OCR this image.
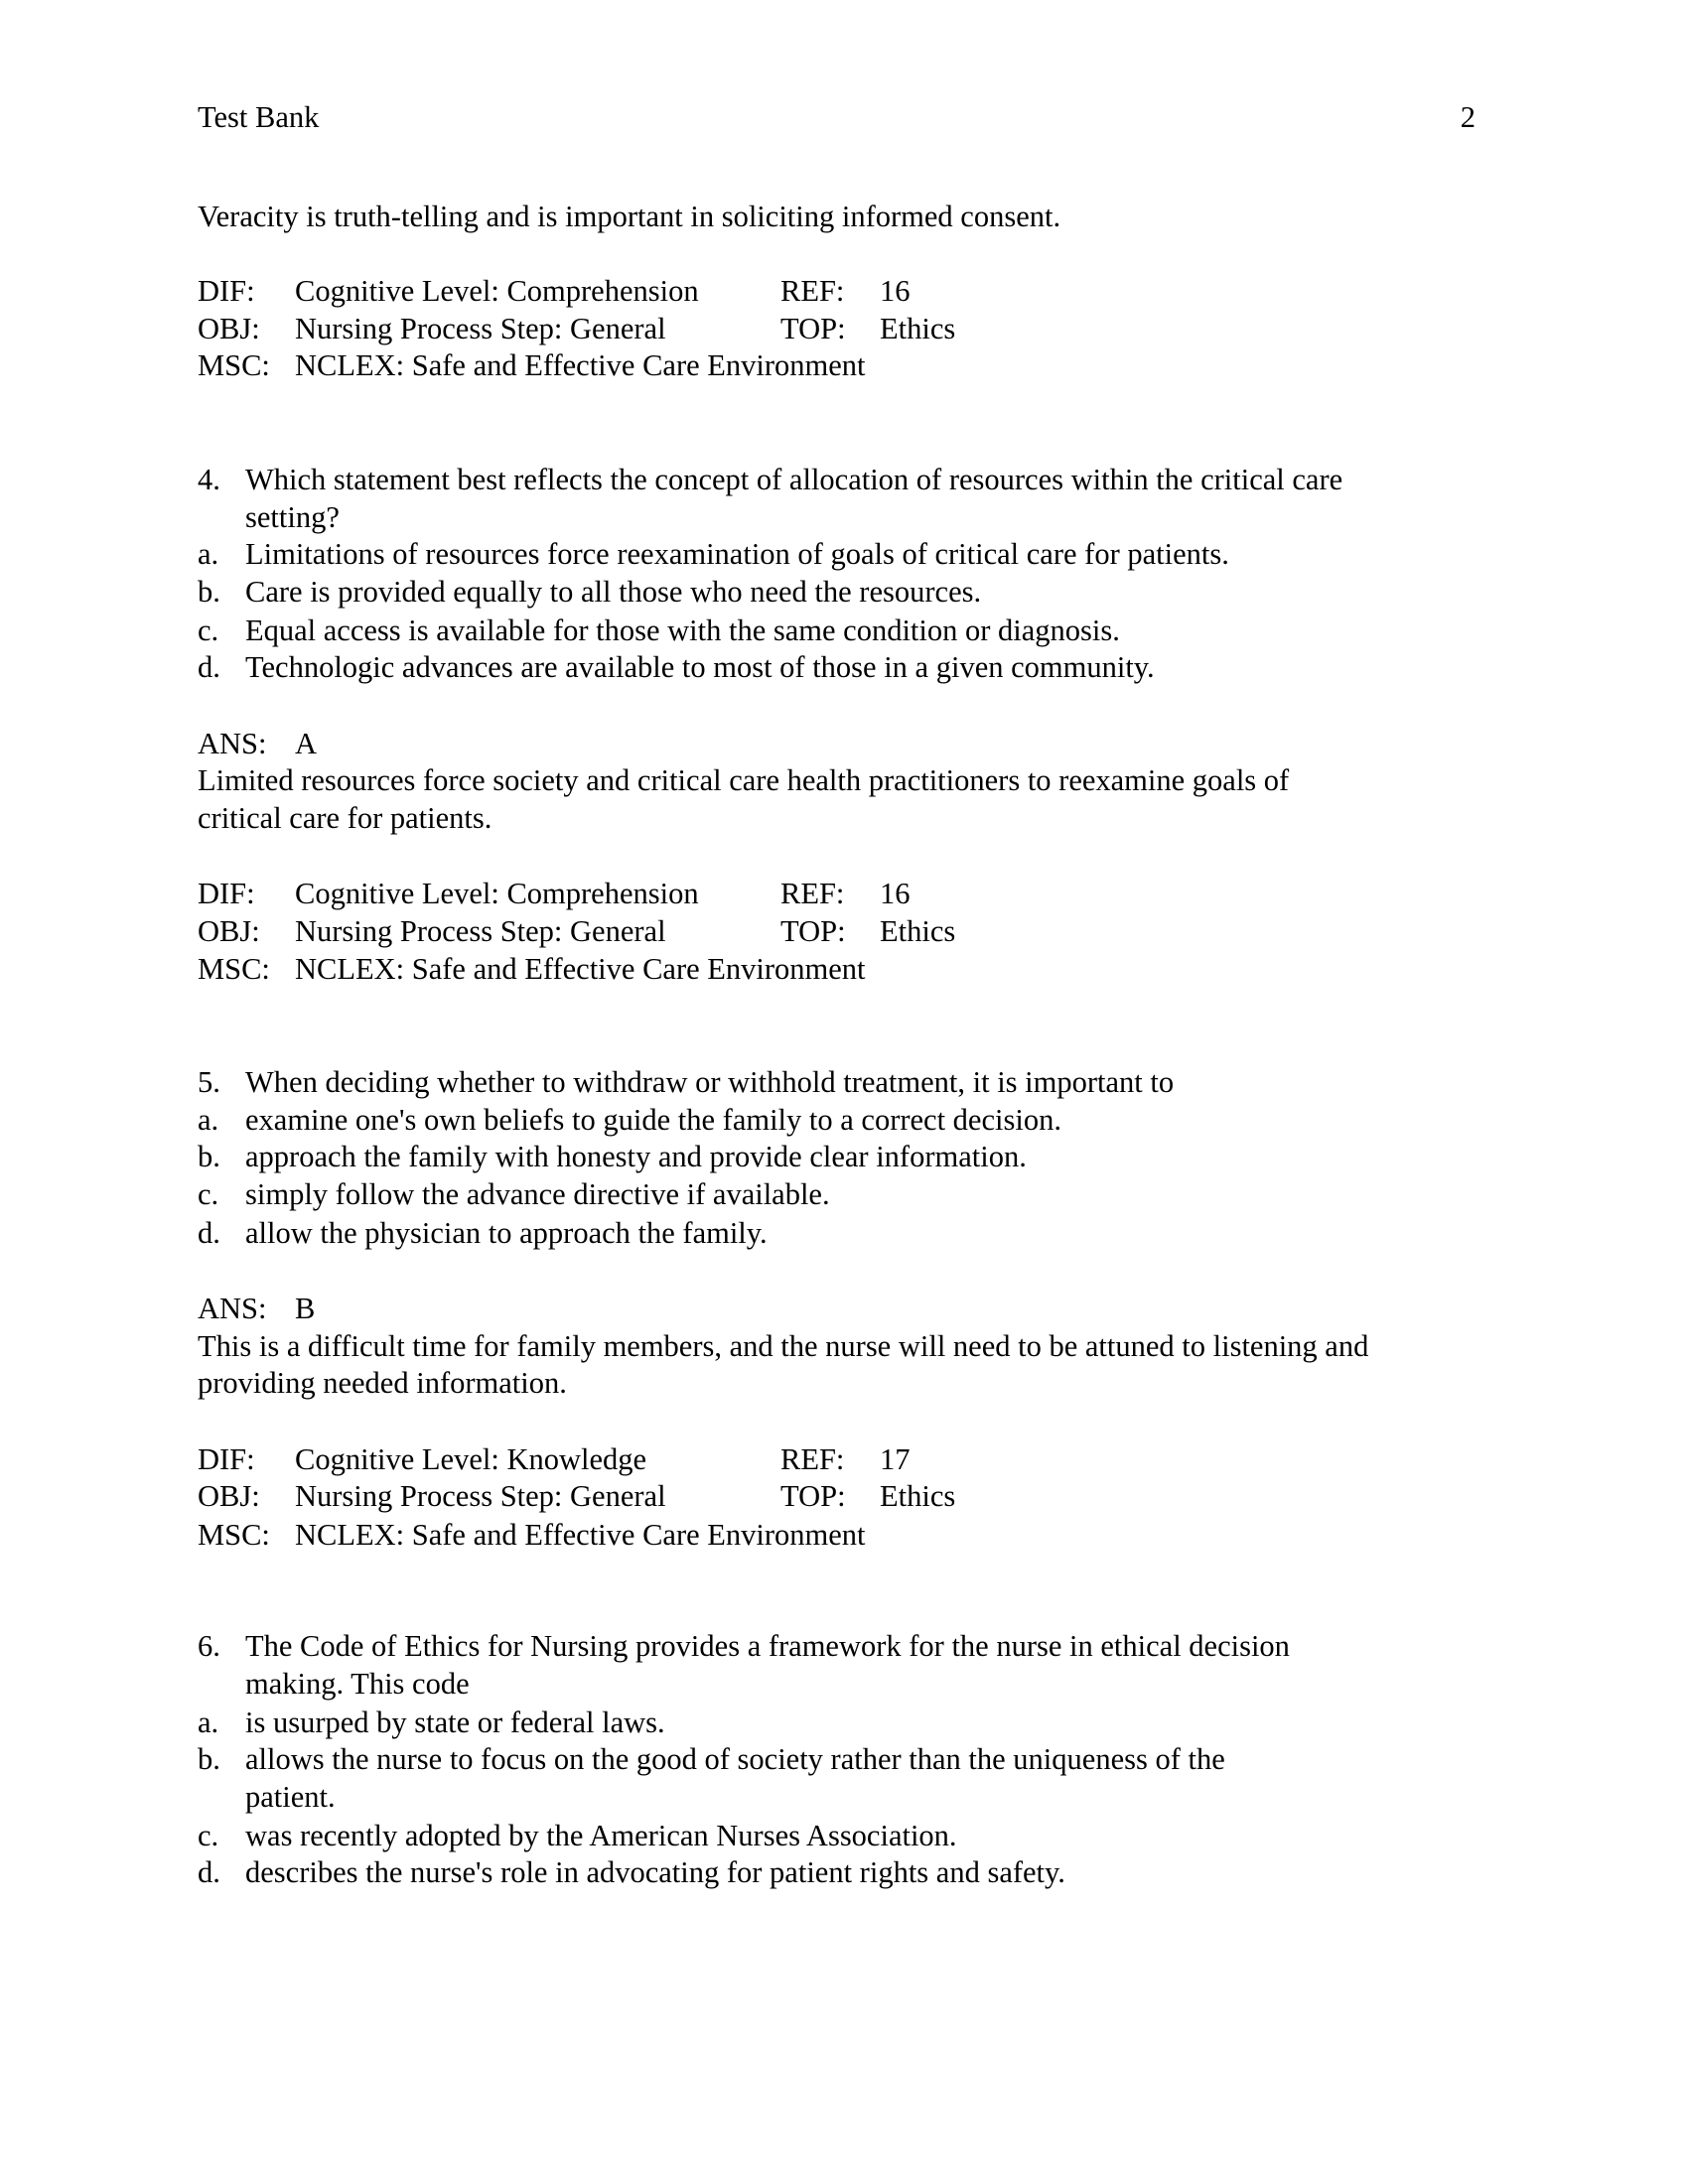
Test Bank	2
Veracity is truth-telling and is important in soliciting informed consent.
DIF: Cognitive Level: Comprehension	REF: 16
OBJ: Nursing Process Step: General	TOP: Ethics
MSC: NCLEX: Safe and Effective Care Environment
4. Which statement best reflects the concept of allocation of resources within the critical care
setting?
a. Limitations of resources force reexamination of goals of critical care for patients.
b. Care is provided equally to all those who need the resources.
c. Equal access is available for those with the same condition or diagnosis.
d. Technologic advances are available to most of those in a given community.
ANS: A
Limited resources force society and critical care health practitioners to reexamine goals of
critical care for patients.
DIF: Cognitive Level: Comprehension	REF: 16
OBJ: Nursing Process Step: General	TOP: Ethics
MSC: NCLEX: Safe and Effective Care Environment
5. When deciding whether to withdraw or withhold treatment, it is important to
a. examine one's own beliefs to guide the family to a correct decision.
b. approach the family with honesty and provide clear information.
c. simply follow the advance directive if available.
d. allow the physician to approach the family.
ANS: B
This is a difficult time for family members, and the nurse will need to be attuned to listening and
providing needed information.
DIF: Cognitive Level: Knowledge	REF: 17
OBJ: Nursing Process Step: General	TOP: Ethics
MSC: NCLEX: Safe and Effective Care Environment
6. The Code of Ethics for Nursing provides a framework for the nurse in ethical decision
making. This code
a. is usurped by state or federal laws.
b. allows the nurse to focus on the good of society rather than the uniqueness of the
patient.
c. was recently adopted by the American Nurses Association.
d. describes the nurse's role in advocating for patient rights and safety.
